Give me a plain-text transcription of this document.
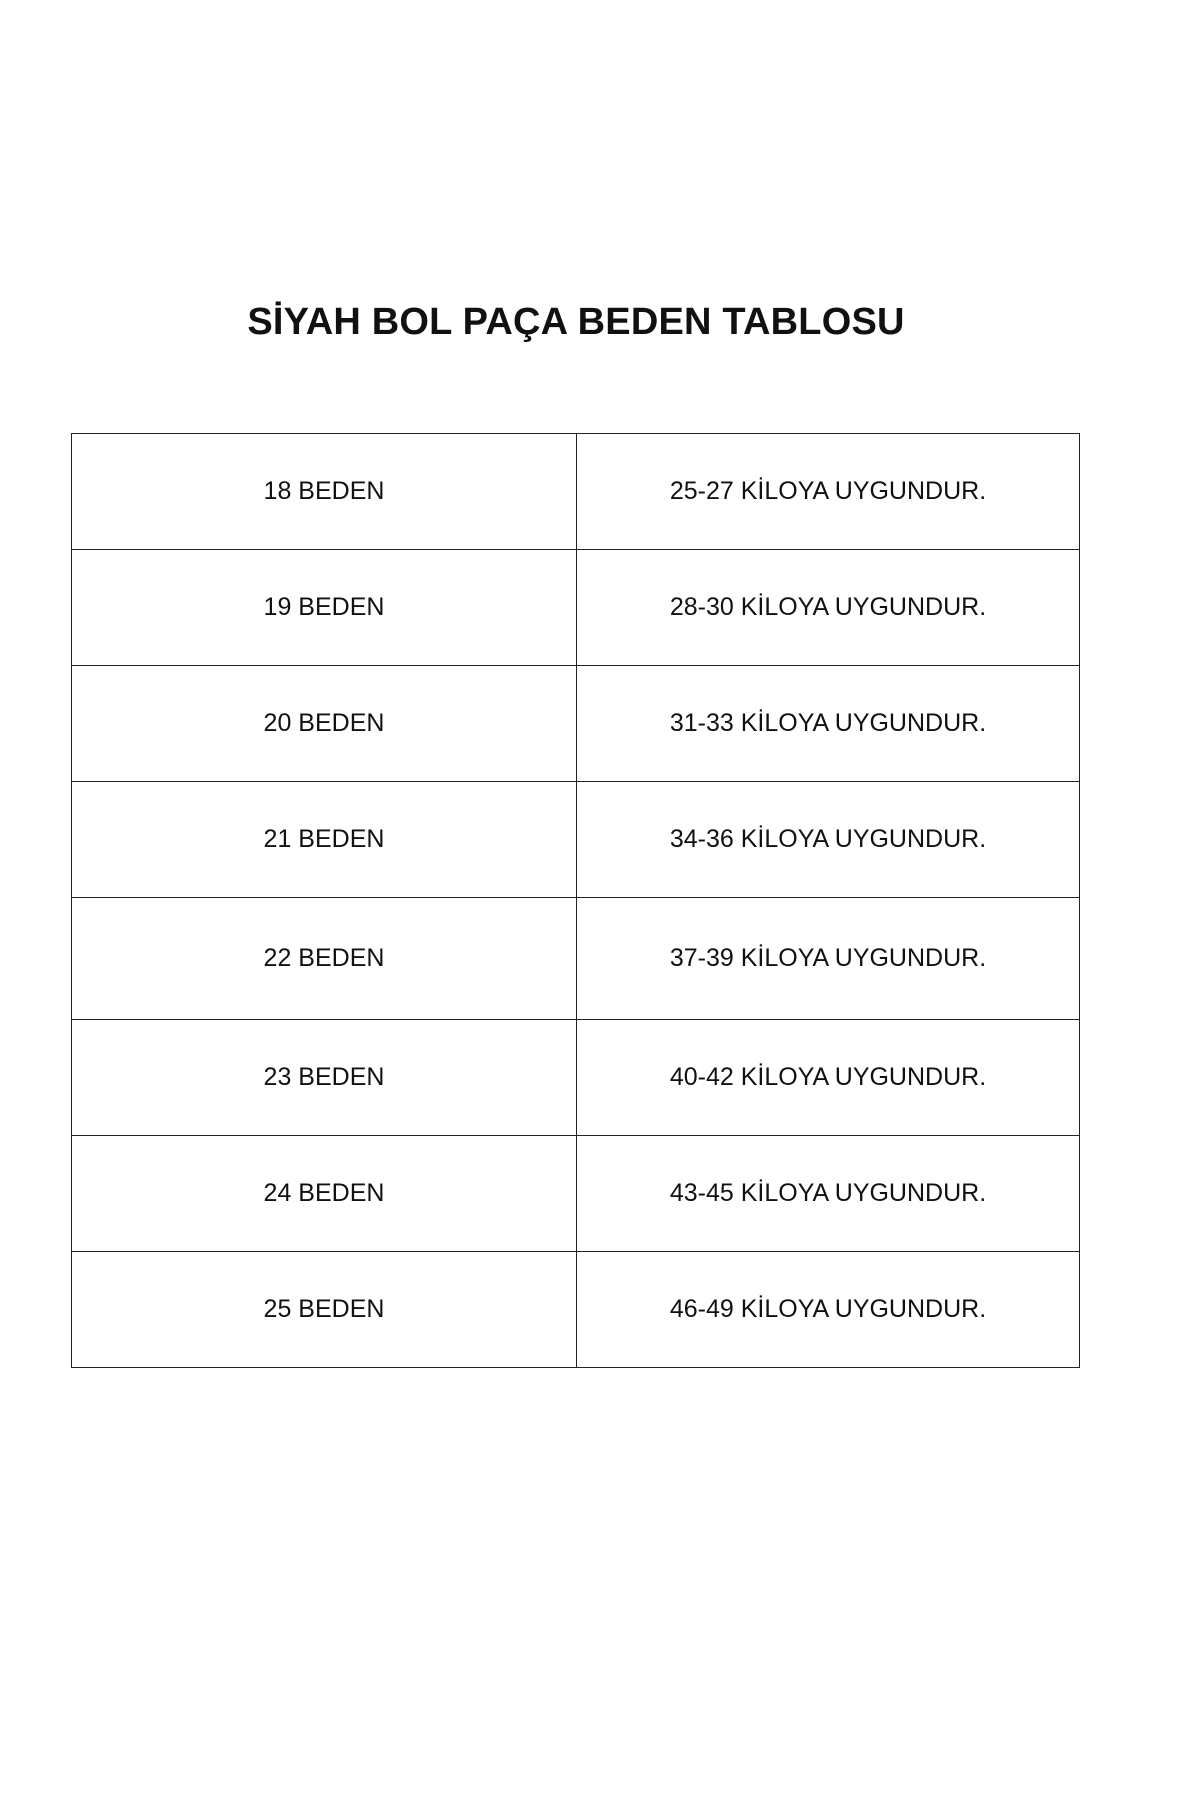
SİYAH BOL PAÇA BEDEN TABLOSU
18 BEDEN	25-27 KİLOYA UYGUNDUR.
19 BEDEN	28-30 KİLOYA UYGUNDUR.
20 BEDEN	31-33 KİLOYA UYGUNDUR.
21 BEDEN	34-36 KİLOYA UYGUNDUR.
22 BEDEN	37-39 KİLOYA UYGUNDUR.
23 BEDEN	40-42 KİLOYA UYGUNDUR.
24 BEDEN	43-45 KİLOYA UYGUNDUR.
25 BEDEN	46-49 KİLOYA UYGUNDUR.
